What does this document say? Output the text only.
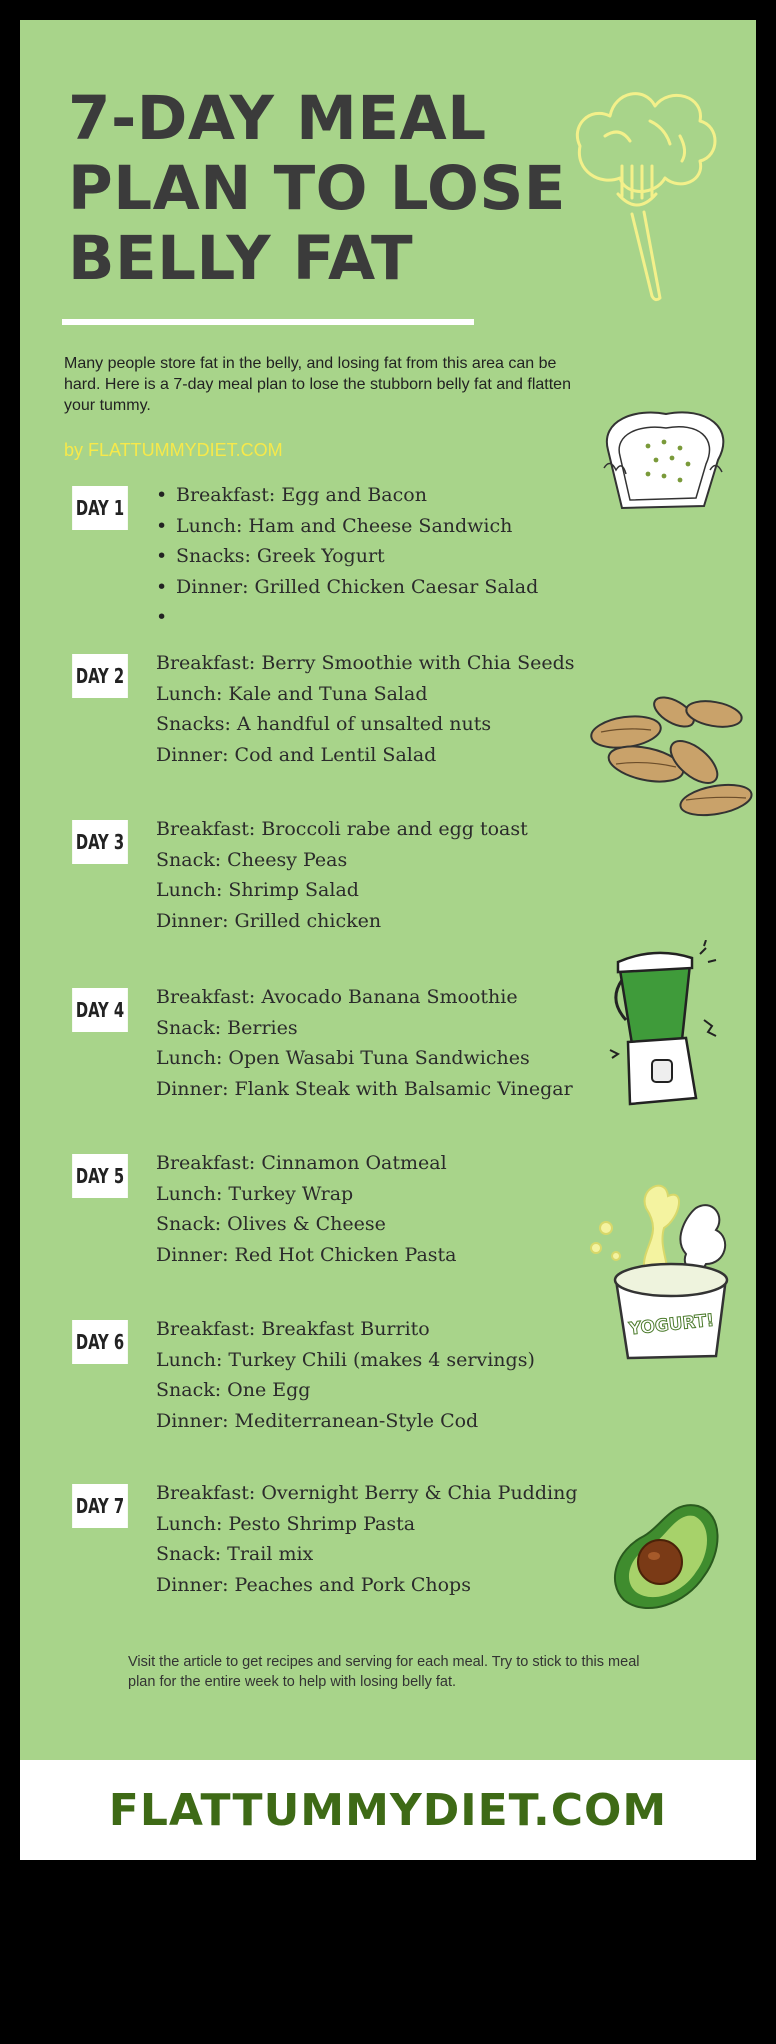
7-DAY MEAL PLAN TO LOSE BELLY FAT

Many people store fat in the belly, and losing fat from this area can be hard. Here is a 7-day meal plan to lose the stubborn belly fat and flatten your tummy.

by FLATTUMMYDIET.COM
YOGURT!
DAY 1
• Breakfast: Egg and Bacon
• Lunch: Ham and Cheese Sandwich
• Snacks: Greek Yogurt
• Dinner: Grilled Chicken Caesar Salad
•
DAY 2
Breakfast: Berry Smoothie with Chia Seeds
Lunch: Kale and Tuna Salad
Snacks: A handful of unsalted nuts
Dinner: Cod and Lentil Salad
DAY 3
Breakfast: Broccoli rabe and egg toast
Snack: Cheesy Peas
Lunch: Shrimp Salad
Dinner: Grilled chicken
DAY 4
Breakfast: Avocado Banana Smoothie
Snack: Berries
Lunch: Open Wasabi Tuna Sandwiches
Dinner: Flank Steak with Balsamic Vinegar
DAY 5
Breakfast: Cinnamon Oatmeal
Lunch: Turkey Wrap
Snack: Olives & Cheese
Dinner: Red Hot Chicken Pasta
DAY 6
Breakfast: Breakfast Burrito
Lunch: Turkey Chili (makes 4 servings)
Snack: One Egg
Dinner: Mediterranean-Style Cod
DAY 7
Breakfast: Overnight Berry & Chia Pudding
Lunch: Pesto Shrimp Pasta
Snack: Trail mix
Dinner: Peaches and Pork Chops

Visit the article to get recipes and serving for each meal. Try to stick to this meal plan for the entire week to help with losing belly fat.

FLATTUMMYDIET.COM
